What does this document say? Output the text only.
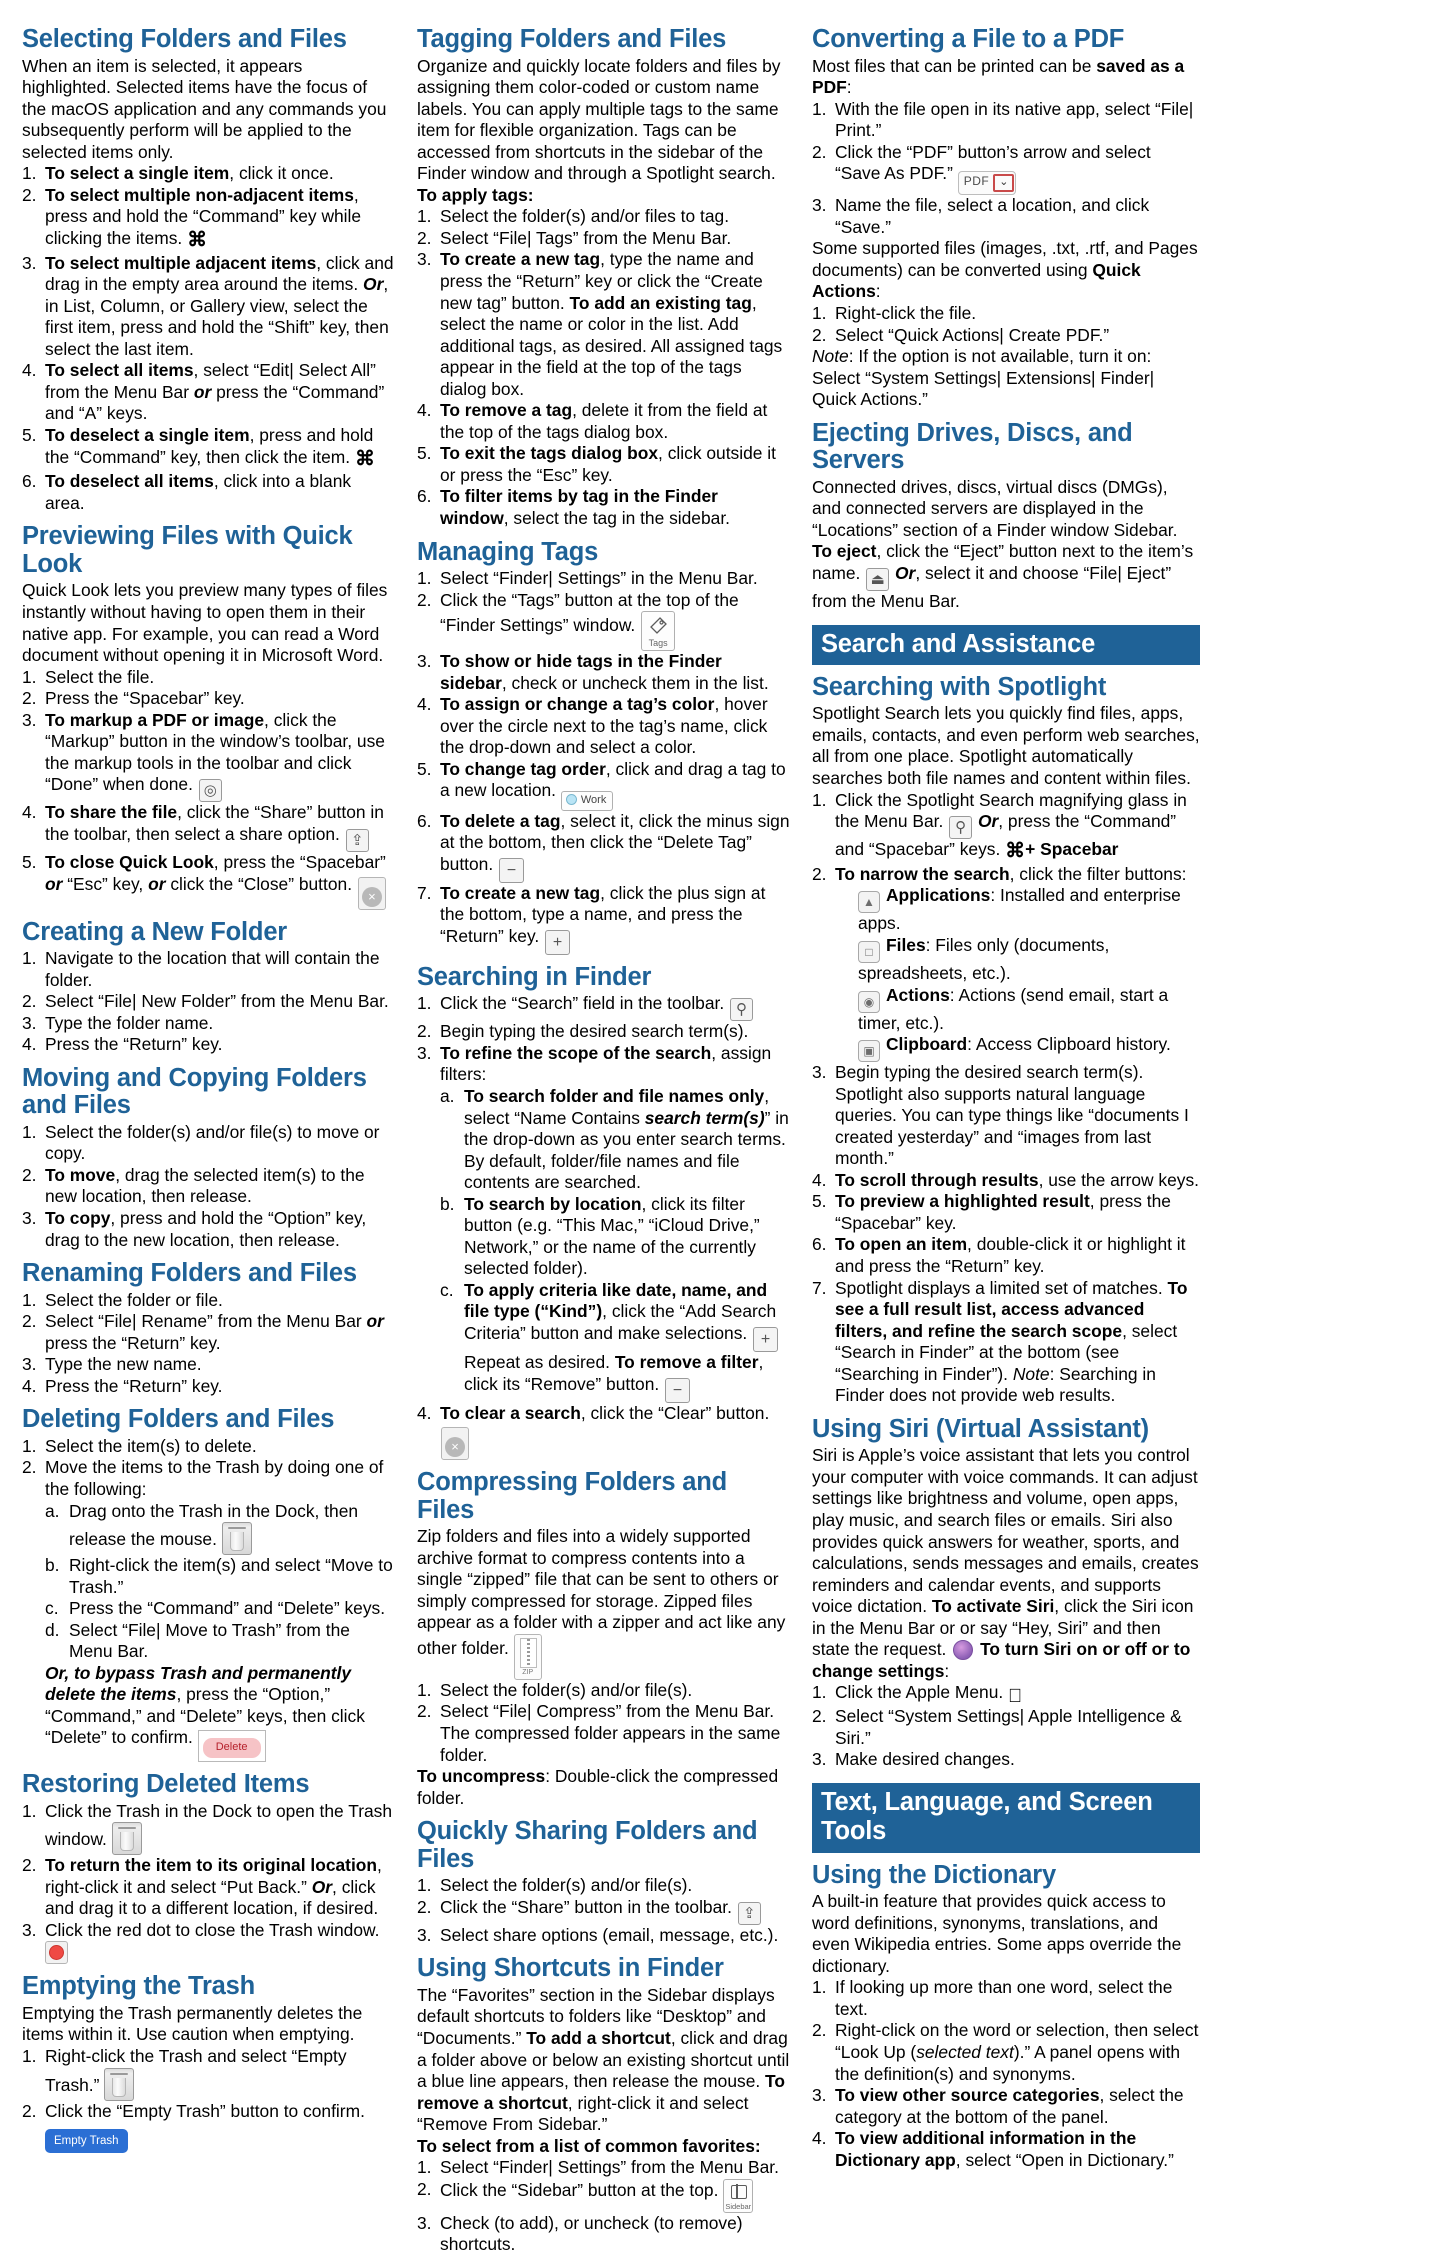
Selecting Folders and Files

When an item is selected, it appears highlighted. Selected items have the focus of the macOS application and any commands you subsequently perform will be applied to the selected items only.

1. To select a single item, click it once.
2. To select multiple non-adjacent items, press and hold the “Command” key while clicking the items. ⌘
3. To select multiple adjacent items, click and drag in the empty area around the items. Or, in List, Column, or Gallery view, select the first item, press and hold the “Shift” key, then select the last item.
4. To select all items, select “Edit| Select All” from the Menu Bar or press the “Command” and “A” keys.
5. To deselect a single item, press and hold the “Command” key, then click the item. ⌘
6. To deselect all items, click into a blank area.
Previewing Files with Quick Look

Quick Look lets you preview many types of files instantly without having to open them in their native app. For example, you can read a Word document without opening it in Microsoft Word.

1. Select the file.
2. Press the “Spacebar” key.
3. To markup a PDF or image, click the “Markup” button in the window’s toolbar, use the markup tools in the toolbar and click “Done” when done. ◎
4. To share the file, click the “Share” button in the toolbar, then select a share option. ⇪
5. To close Quick Look, press the “Spacebar” or “Esc” key, or click the “Close” button. ×
Creating a New Folder
1. Navigate to the location that will contain the folder.
2. Select “File| New Folder” from the Menu Bar.
3. Type the folder name.
4. Press the “Return” key.
Moving and Copying Folders and Files
1. Select the folder(s) and/or file(s) to move or copy.
2. To move, drag the selected item(s) to the new location, then release.
3. To copy, press and hold the “Option” key, drag to the new location, then release.
Renaming Folders and Files
1. Select the folder or file.
2. Select “File| Rename” from the Menu Bar or press the “Return” key.
3. Type the new name.
4. Press the “Return” key.
Deleting Folders and Files
1. Select the item(s) to delete.
2. Move the items to the Trash by doing one of the following:
a. Drag onto the Trash in the Dock, then release the mouse.
b. Right-click the item(s) and select “Move to Trash.”
c. Press the “Command” and “Delete” keys.
d. Select “File| Move to Trash” from the Menu Bar.
Or, to bypass Trash and permanently delete the items, press the “Option,” “Command,” and “Delete” keys, then click “Delete” to confirm. Delete
Restoring Deleted Items
1. Click the Trash in the Dock to open the Trash window.
2. To return the item to its original location, right-click it and select “Put Back.” Or, click and drag it to a different location, if desired.
3. Click the red dot to close the Trash window.
Emptying the Trash

Emptying the Trash permanently deletes the items within it. Use caution when emptying.

1. Right-click the Trash and select “Empty Trash.”
2. Click the “Empty Trash” button to confirm. Empty Trash
Tagging Folders and Files

Organize and quickly locate folders and files by assigning them color-coded or custom name labels. You can apply multiple tags to the same item for flexible organization. Tags can be accessed from shortcuts in the sidebar of the Finder window and through a Spotlight search. To apply tags:

1. Select the folder(s) and/or files to tag.
2. Select “File| Tags” from the Menu Bar.
3. To create a new tag, type the name and press the “Return” key or click the “Create new tag” button. To add an existing tag, select the name or color in the list. Add additional tags, as desired. All assigned tags appear in the field at the top of the tags dialog box.
4. To remove a tag, delete it from the field at the top of the tags dialog box.
5. To exit the tags dialog box, click outside it or press the “Esc” key.
6. To filter items by tag in the Finder window, select the tag in the sidebar.
Managing Tags
1. Select “Finder| Settings” in the Menu Bar.
2. Click the “Tags” button at the top of the “Finder Settings” window.
Tags
3. To show or hide tags in the Finder sidebar, check or uncheck them in the list.
4. To assign or change a tag’s color, hover over the circle next to the tag’s name, click the drop-down and select a color.
5. To change tag order, click and drag a tag to a new location. Work
6. To delete a tag, select it, click the minus sign at the bottom, then click the “Delete Tag” button. −
7. To create a new tag, click the plus sign at the bottom, type a name, and press the “Return” key. +
Searching in Finder
1. Click the “Search” field in the toolbar. ⚲
2. Begin typing the desired search term(s).
3. To refine the scope of the search, assign filters:
a. To search folder and file names only, select “Name Contains search term(s)” in the drop-down as you enter search terms. By default, folder/file names and file contents are searched.
b. To search by location, click its filter button (e.g. “This Mac,” “iCloud Drive,” Network,” or the name of the currently selected folder).
c. To apply criteria like date, name, and file type (“Kind”), click the “Add Search Criteria” button and make selections. + Repeat as desired. To remove a filter, click its “Remove” button. −
4. To clear a search, click the “Clear” button. ×
Compressing Folders and Files

Zip folders and files into a widely supported archive format to compress contents into a single “zipped” file that can be sent to others or simply compressed for storage. Zipped files appear as a folder with a zipper and act like any other folder.
ZIP

1. Select the folder(s) and/or file(s).
2. Select “File| Compress” from the Menu Bar. The compressed folder appears in the same folder.

To uncompress: Double-click the compressed folder.

Quickly Sharing Folders and Files
1. Select the folder(s) and/or file(s).
2. Click the “Share” button in the toolbar. ⇪
3. Select share options (email, message, etc.).
Using Shortcuts in Finder

The “Favorites” section in the Sidebar displays default shortcuts to folders like “Desktop” and “Documents.” To add a shortcut, click and drag a folder above or below an existing shortcut until a blue line appears, then release the mouse. To remove a shortcut, right-click it and select “Remove From Sidebar.”

To select from a list of common favorites:

1. Select “Finder| Settings” from the Menu Bar.
2. Click the “Sidebar” button at the top.
Sidebar
3. Check (to add), or uncheck (to remove) shortcuts.
Converting a File to a PDF

Most files that can be printed can be saved as a PDF:

1. With the file open in its native app, select “File| Print.”
2. Click the “PDF” button’s arrow and select “Save As PDF.” PDF ⌄
3. Name the file, select a location, and click “Save.”

Some supported files (images, .txt, .rtf, and Pages documents) can be converted using Quick Actions:

1. Right-click the file.
2. Select “Quick Actions| Create PDF.”

Note: If the option is not available, turn it on: Select “System Settings| Extensions| Finder| Quick Actions.”

Ejecting Drives, Discs, and Servers

Connected drives, discs, virtual discs (DMGs), and connected servers are displayed in the “Locations” section of a Finder window Sidebar. To eject, click the “Eject” button next to the item’s name. ⏏ Or, select it and choose “File| Eject” from the Menu Bar.

Search and Assistance
Searching with Spotlight

Spotlight Search lets you quickly find files, apps, emails, contacts, and even perform web searches, all from one place. Spotlight automatically searches both file names and content within files.

1. Click the Spotlight Search magnifying glass in the Menu Bar. ⚲ Or, press the “Command” and “Spacebar” keys. ⌘+ Spacebar
2. To narrow the search, click the filter buttons:
▲ Applications: Installed and enterprise apps.
□ Files: Files only (documents, spreadsheets, etc.).
◉ Actions: Actions (send email, start a timer, etc.).
▣ Clipboard: Access Clipboard history.
3. Begin typing the desired search term(s). Spotlight also supports natural language queries. You can type things like “documents I created yesterday” and “images from last month.”
4. To scroll through results, use the arrow keys.
5. To preview a highlighted result, press the “Spacebar” key.
6. To open an item, double-click it or highlight it and press the “Return” key.
7. Spotlight displays a limited set of matches. To see a full result list, access advanced filters, and refine the search scope, select “Search in Finder” at the bottom (see “Searching in Finder”). Note: Searching in Finder does not provide web results.
Using Siri (Virtual Assistant)

Siri is Apple’s voice assistant that lets you control your computer with voice commands. It can adjust settings like brightness and volume, open apps, play music, and search files or emails. Siri also provides quick answers for weather, sports, and calculations, sends messages and emails, creates reminders and calendar events, and supports voice dictation. To activate Siri, click the Siri icon in the Menu Bar or or say “Hey, Siri” and then state the request.  To turn Siri on or off or to change settings:

1. Click the Apple Menu.
2. Select “System Settings| Apple Intelligence & Siri.”
3. Make desired changes.
Text, Language, and Screen Tools
Using the Dictionary

A built-in feature that provides quick access to word definitions, synonyms, translations, and even Wikipedia entries. Some apps override the dictionary.

1. If looking up more than one word, select the text.
2. Right-click on the word or selection, then select “Look Up (selected text).” A panel opens with the definition(s) and synonyms.
3. To view other source categories, select the category at the bottom of the panel.
4. To view additional information in the Dictionary app, select “Open in Dictionary.”
